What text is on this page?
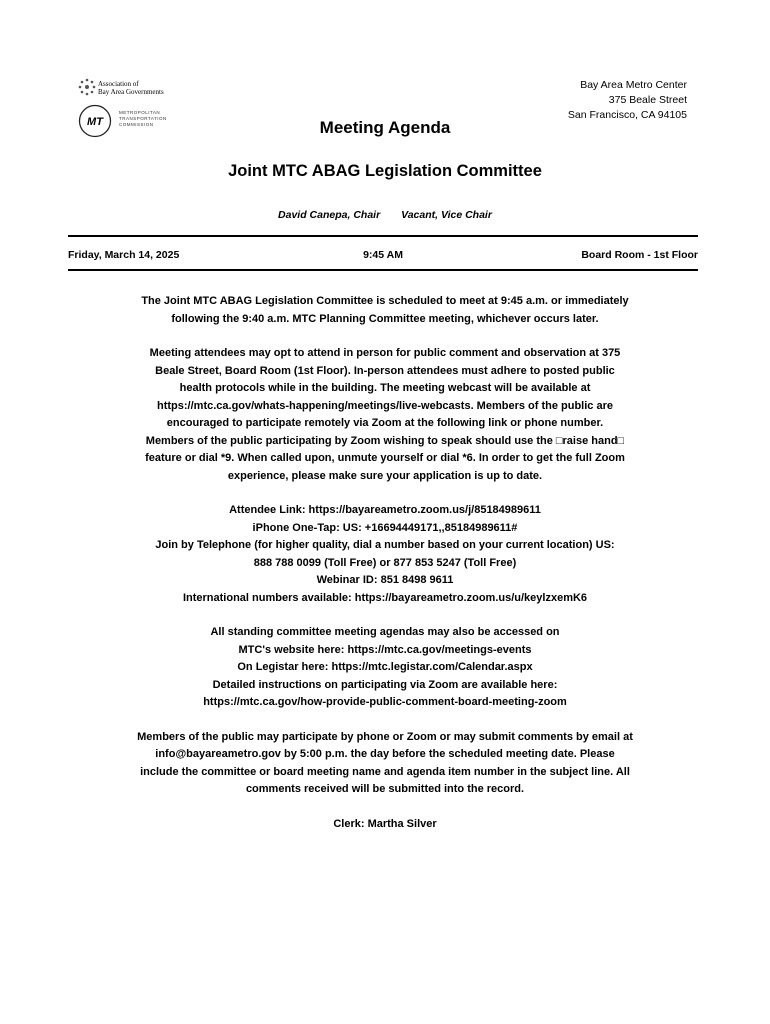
Association of
Bay Area Governments
MT
METROPOLITAN
TRANSPORTATION
COMMISSION
Bay Area Metro Center
375 Beale Street
San Francisco, CA 94105
Meeting Agenda
Joint MTC ABAG Legislation Committee
David Canepa, Chair Vacant, Vice Chair
Friday, March 14, 2025	9:45 AM	Board Room - 1st Floor

The Joint MTC ABAG Legislation Committee is scheduled to meet at 9:45 a.m. or immediately
following the 9:40 a.m. MTC Planning Committee meeting, whichever occurs later.

Meeting attendees may opt to attend in person for public comment and observation at 375
Beale Street, Board Room (1st Floor). In-person attendees must adhere to posted public
health protocols while in the building. The meeting webcast will be available at
https://mtc.ca.gov/whats-happening/meetings/live-webcasts. Members of the public are
encouraged to participate remotely via Zoom at the following link or phone number.
Members of the public participating by Zoom wishing to speak should use the □raise hand□
feature or dial *9. When called upon, unmute yourself or dial *6. In order to get the full Zoom
experience, please make sure your application is up to date.

Attendee Link: https://bayareametro.zoom.us/j/85184989611
iPhone One-Tap: US: +16694449171,,85184989611#
Join by Telephone (for higher quality, dial a number based on your current location) US:
888 788 0099 (Toll Free) or 877 853 5247 (Toll Free)
Webinar ID: 851 8498 9611
International numbers available: https://bayareametro.zoom.us/u/keylzxemK6

All standing committee meeting agendas may also be accessed on
MTC's website here: https://mtc.ca.gov/meetings-events
On Legistar here: https://mtc.legistar.com/Calendar.aspx
Detailed instructions on participating via Zoom are available here:
https://mtc.ca.gov/how-provide-public-comment-board-meeting-zoom

Members of the public may participate by phone or Zoom or may submit comments by email at
info@bayareametro.gov by 5:00 p.m. the day before the scheduled meeting date. Please
include the committee or board meeting name and agenda item number in the subject line. All
comments received will be submitted into the record.

Clerk: Martha Silver
